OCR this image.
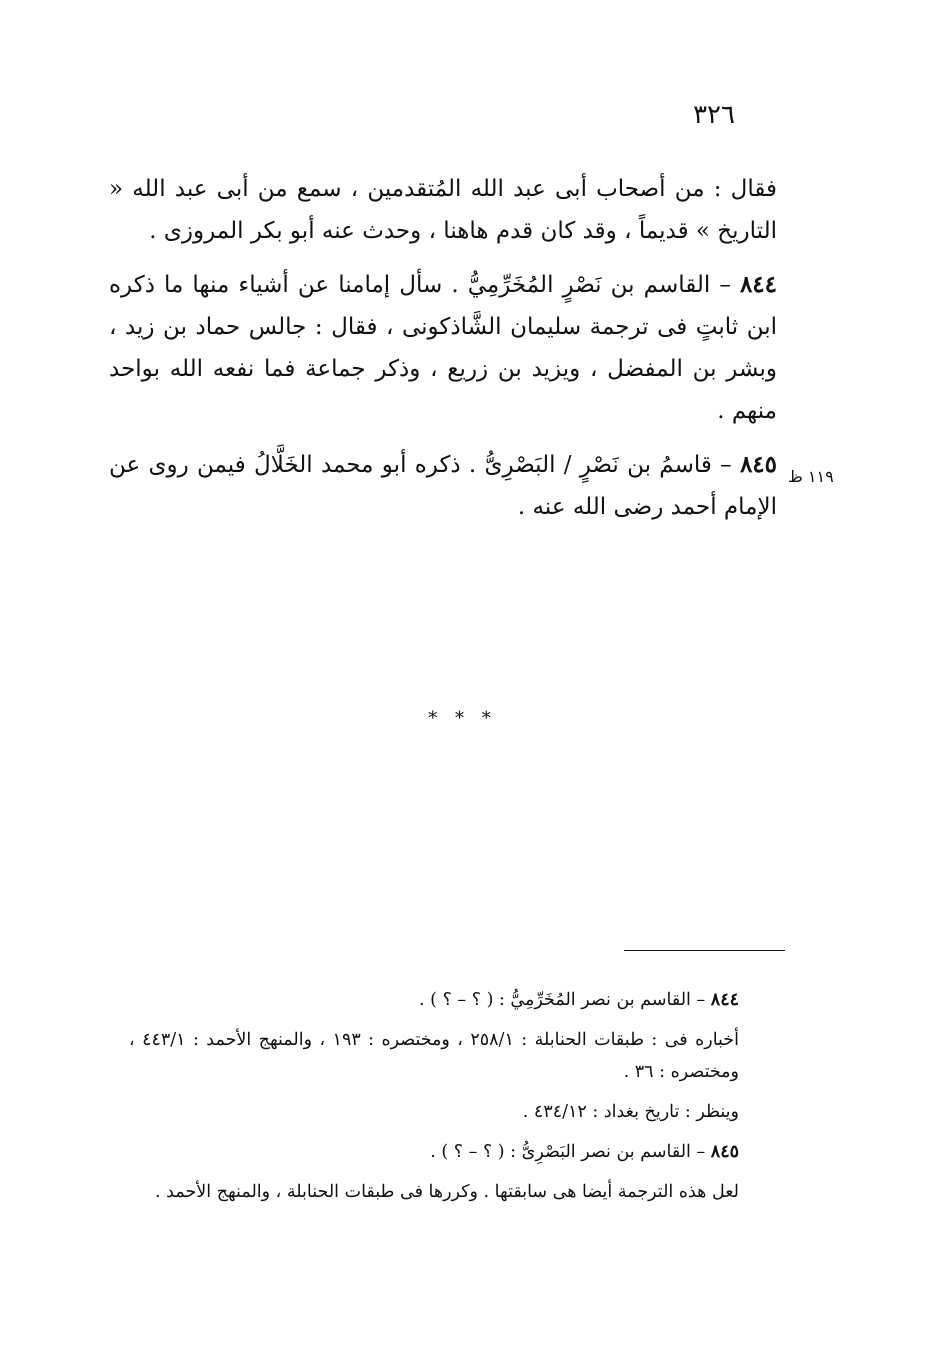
٣٢٦

فقال : من أصحاب أبى عبد الله المُتقدمين ، سمع من أبى عبد الله « التاريخ » قديماً ، وقد كان قدم هاهنا ، وحدث عنه أبو بكر المروزى .

٨٤٤ – القاسم بن نَصْرٍ المُخَرِّمِيُّ . سأل إمامنا عن أشياء منها ما ذكره ابن ثابتٍ فى ترجمة سليمان الشَّاذكونى ، فقال : جالس حماد بن زيد ، وبشر بن المفضل ، ويزيد بن زريع ، وذكر جماعة فما نفعه الله بواحد منهم .

٨٤٥ – قاسمُ بن نَصْرٍ / البَصْرِىُّ . ذكره أبو محمد الخَلَّالُ فيمن روى عن الإمام أحمد رضى الله عنه .

١١٩ ظ
* * *

٨٤٤ – القاسم بن نصر المُخَرِّمِيُّ : ( ؟ – ؟ ) .

أخباره فى : طبقات الحنابلة : ٢٥٨/١ ، ومختصره : ١٩٣ ، والمنهج الأحمد : ٤٤٣/١ ، ومختصره : ٣٦ .

وينظر : تاريخ بغداد : ٤٣٤/١٢ .

٨٤٥ – القاسم بن نصر البَصْرِىُّ : ( ؟ – ؟ ) .

لعل هذه الترجمة أيضا هى سابقتها . وكررها فى طبقات الحنابلة ، والمنهج الأحمد .
